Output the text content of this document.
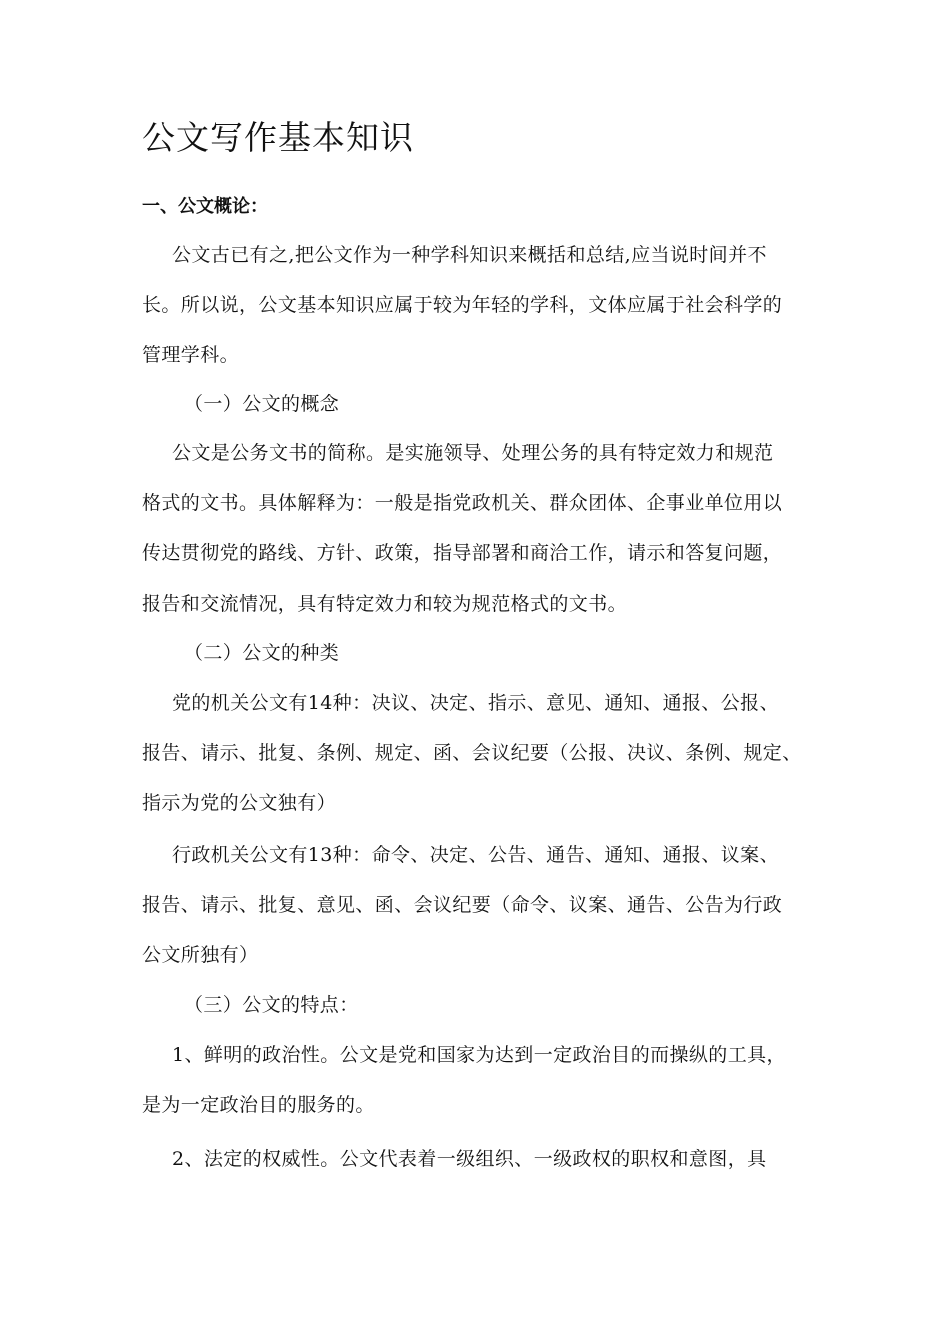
公文写作基本知识
一、公文概论：
公文古已有之,把公文作为一种学科知识来概括和总结,应当说时间并不
长。所以说，公文基本知识应属于较为年轻的学科，文体应属于社会科学的
管理学科。
（一）公文的概念
公文是公务文书的简称。是实施领导、处理公务的具有特定效力和规范
格式的文书。具体解释为：一般是指党政机关、群众团体、企事业单位用以
传达贯彻党的路线、方针、政策，指导部署和商洽工作，请示和答复问题，
报告和交流情况，具有特定效力和较为规范格式的文书。
（二）公文的种类
党的机关公文有14种：决议、决定、指示、意见、通知、通报、公报、
报告、请示、批复、条例、规定、函、会议纪要（公报、决议、条例、规定、
指示为党的公文独有）
行政机关公文有13种：命令、决定、公告、通告、通知、通报、议案、
报告、请示、批复、意见、函、会议纪要（命令、议案、通告、公告为行政
公文所独有）
（三）公文的特点：
1、鲜明的政治性。公文是党和国家为达到一定政治目的而操纵的工具，
是为一定政治目的服务的。
2、法定的权威性。公文代表着一级组织、一级政权的职权和意图，具
